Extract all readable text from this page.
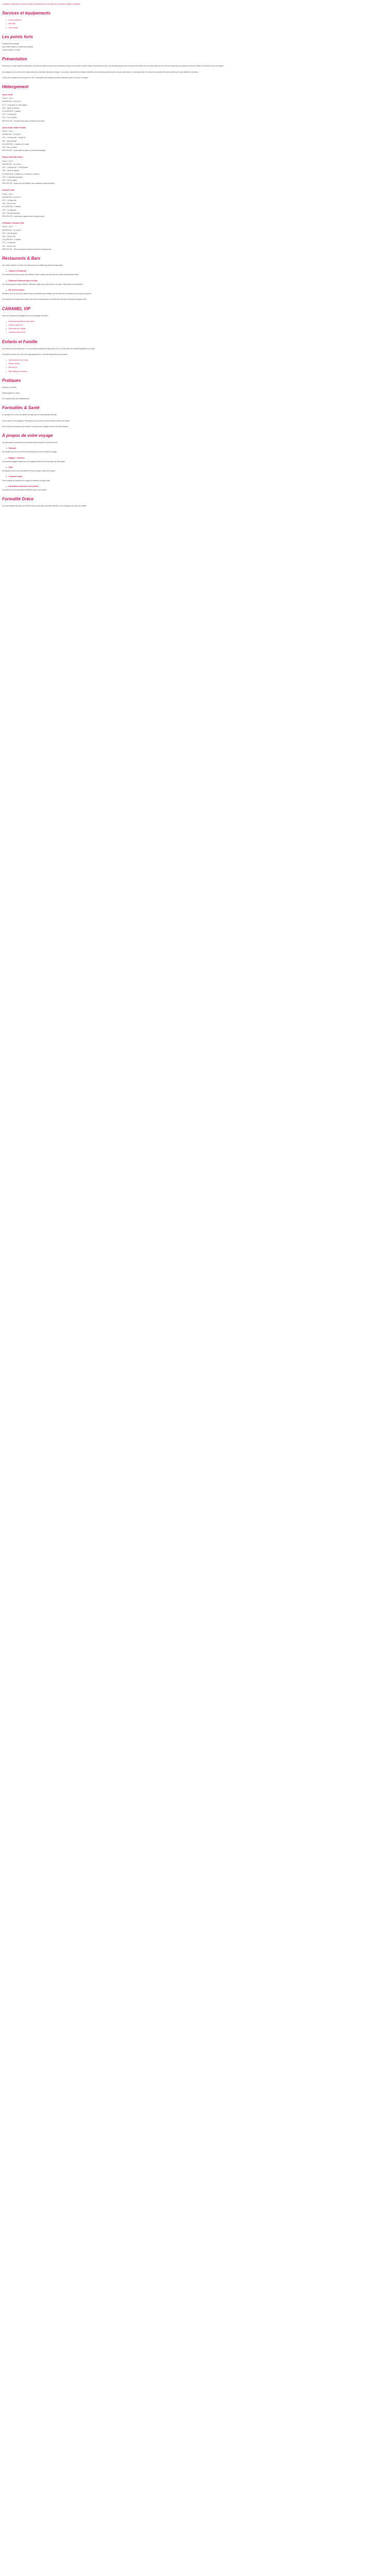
Conditions Générales de Vente du séjour Chambres de 25 cm (arrivée et départ en juillet) Formalités
Services et équipements
● Piscine extérieure
● Bain/SPA
● Club enfants
Les points forts
Emplacement privilégié
Spa, centre fitness & nombreuses activités
Cuisine raffinée et variée
Présentation

Situé dans un cadre naturel exceptionnel, cet hôtel de charme propose une expérience unique où le confort moderne s'allie à l'authenticité locale. Les chambres spacieuses et lumineuses offrent une vue imprenable sur les environs, tandis que les espaces communs invitent à la détente et à la convivialité.

Les équipes sont au service des séjournants pour vous faire découvrir la région : excursions, randonnées et visites culturelles vous seront proposées tout au long de votre séjour. Le restaurant met à l'honneur les produits du terroir à travers une carte raffinée et de saison.

L'accès aux chambres a lieu à partir de 15h. La libération des chambres doit être effectuée avant 11h le jour du départ.

Hébergement
Junior Suite
TAILLE : 30 m²
SUPERFICIE : 28 à 32 m²
LITS : 1 lit double ou 2 lits simples
VUE : Jardin ou piscine
OCCUPATION : 2 adultes
LITS : 1 lit king-size
VUE : Vue sur jardin
SPÉCIFICITÉ : Chambre avec balcon privatif et coin salon.
Junior Suite Jardin Privatif
TAILLE : 35 m²
SUPERFICIE : 34 à 38 m²
LITS : 1 lit king-size + canapé-lit
VUE : Jardin privatif
OCCUPATION : 2 adultes et 1 enfant
VUE : Vue sur jardin
SPÉCIFICITÉ : Accès direct au jardin et terrasse aménagée.
Family Suite Mini-Home
TAILLE : 45 m²
SUPERFICIE : 44 à 48 m²
LITS : 1 lit king-size + 2 lits simples
VUE : Jardin ou piscine
OCCUPATION : 4 adultes ou 2 adultes et 2 enfants
LITS : 2 chambres séparées
VUE : Vue sur jardin
SPÉCIFICITÉ : Idéale pour les familles, deux chambres communicantes.
Caramel Suite
TAILLE : 50 m²
SUPERFICIE : 48 à 52 m²
LITS : 1 lit king-size
VUE : Vue sur mer
OCCUPATION : 2 adultes
LITS : 1 lit king-size
VUE : Vue panoramique
SPÉCIFICITÉ : Suite haut de gamme avec terrasse privée.
L'Etraliture Caramel Villa
TAILLE : 80 m²
SUPERFICIE : 75 à 85 m²
LITS : 2 lits king-size
VUE : Vue sur mer
OCCUPATION : 4 adultes
LITS : 2 chambres
VUE : Vue sur mer
SPÉCIFICITÉ : Villa avec piscine privative et service de majordome.
Restaurants & Bars

Une cuisine raffinée et variée vous attend dans nos différents points de restauration.

■ Caramel La Restaurant

Le restaurant principal propose des buffets à thème chaque soir ainsi qu'une cuisine internationale variée.

■ Restaurant Gastronomique à la Carte

Une cuisine gastronomique raffinée, élaborée à partir de produits frais et de saison. Réservation recommandée.

■ Bar du Pool Pavillon

Détendez-vous au bord de la piscine avec une sélection de cocktails, jus de fruits frais et snacks tout au long de la journée.

Les horaires des restaurants et bars vous seront communiqués à votre arrivée. Une tenue correcte est exigée le soir.

CARAMEL VIP

Vivez une expérience privilégiée avec nos avantages exclusifs :

● Accueil personnalisé à votre arrivée
● Accès au salon VIP
● Dîner privé sur la plage
● Transferts privés inclus
Enfants et Famille

Les enfants sont les bienvenus ! Un club enfants accueille les plus jeunes de 4 à 12 ans avec des activités adaptées à leur âge.

Les bébés de moins de 2 ans sont logés gratuitement. Lits bébé disponibles sur demande.

● Club enfants de 4 à 12 ans
● Piscine enfants
● Aire de jeux
● Baby-sitting sur demande
Pratiques

Animaux non admis.

Parking gratuit sur place.

Wi-Fi gratuit dans tout l'établissement.

Formalités & Santé

Un passeport en cours de validité est exigé pour les ressortissants français.

Aucun vaccin n'est obligatoire. Renseignez-vous auprès de votre médecin avant votre départ.

Nous vous recommandons de souscrire une assurance voyage couvrant les frais médicaux.

À propos de votre voyage

Les informations présentées sont données à titre indicatif et peuvent évoluer.

■ Transport

Les horaires de vol vous seront communiqués avec votre carnet de voyage.

■ Bagages - Franchise

La franchise bagages dépend de la compagnie aérienne et de la classe de réservation.

■ Visas

Renseignez-vous sur les formalités de visa en vigueur avant votre départ.

■ Coutumes locales

Il est conseillé de respecter les usages et traditions du pays visité.

■ Informations médicales et sécuritaires

Consultez les recommandations officielles avant votre départ.

Formalité Grèce

Les ressortissants français doivent être munis d'une carte nationale d'identité ou d'un passeport en cours de validité.
